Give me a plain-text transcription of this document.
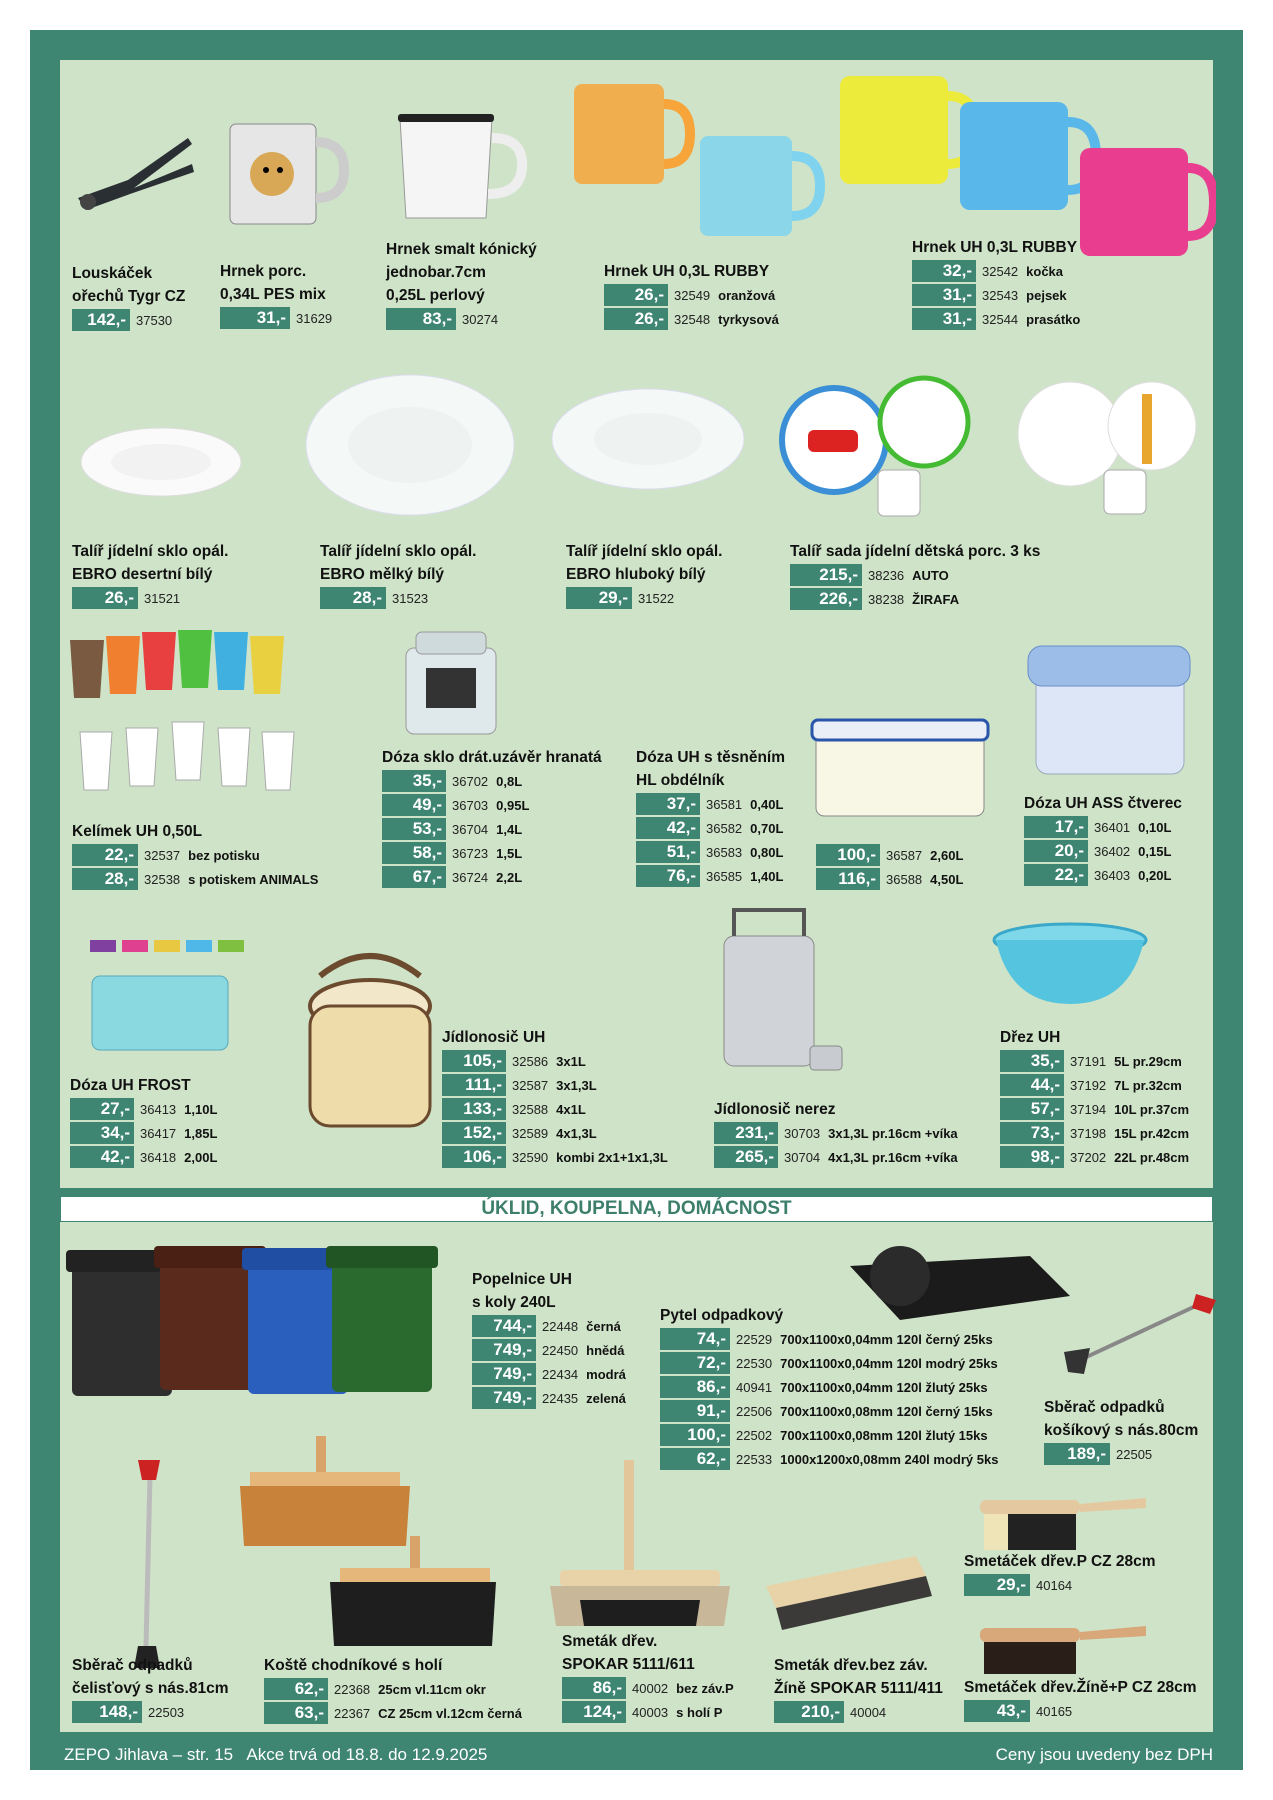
ÚKLID, KOUPELNA, DOMÁCNOST
Louskáček
ořechů Tygr CZ
142,- 37530
Hrnek porc.
0,34L PES mix
31,- 31629
Hrnek smalt kónický
jednobar.7cm
0,25L perlový
83,- 30274
Hrnek UH 0,3L RUBBY
26,- 32549 oranžová
26,- 32548 tyrkysová
Hrnek UH 0,3L RUBBY
32,- 32542 kočka
31,- 32543 pejsek
31,- 32544 prasátko
Talíř jídelní sklo opál.
EBRO desertní bílý
26,- 31521
Talíř jídelní sklo opál.
EBRO mělký bílý
28,- 31523
Talíř jídelní sklo opál.
EBRO hluboký bílý
29,- 31522
Talíř sada jídelní dětská porc. 3 ks
215,- 38236 AUTO
226,- 38238 ŽIRAFA
Kelímek UH 0,50L
22,- 32537 bez potisku
28,- 32538 s potiskem ANIMALS
Dóza sklo drát.uzávěr hranatá
35,- 36702 0,8L
49,- 36703 0,95L
53,- 36704 1,4L
58,- 36723 1,5L
67,- 36724 2,2L
Dóza UH s těsněním
HL obdélník
37,- 36581 0,40L
42,- 36582 0,70L
51,- 36583 0,80L
76,- 36585 1,40L
100,- 36587 2,60L
116,- 36588 4,50L
Dóza UH ASS čtverec
17,- 36401 0,10L
20,- 36402 0,15L
22,- 36403 0,20L
Dóza UH FROST
27,- 36413 1,10L
34,- 36417 1,85L
42,- 36418 2,00L
Jídlonosič UH
105,- 32586 3x1L
111,- 32587 3x1,3L
133,- 32588 4x1L
152,- 32589 4x1,3L
106,- 32590 kombi 2x1+1x1,3L
Jídlonosič nerez
231,- 30703 3x1,3L pr.16cm +víka
265,- 30704 4x1,3L pr.16cm +víka
Dřez UH
35,- 37191 5L pr.29cm
44,- 37192 7L pr.32cm
57,- 37194 10L pr.37cm
73,- 37198 15L pr.42cm
98,- 37202 22L pr.48cm
Popelnice UH
s koly 240L
744,- 22448 černá
749,- 22450 hnědá
749,- 22434 modrá
749,- 22435 zelená
Pytel odpadkový
74,- 22529 700x1100x0,04mm 120l černý 25ks
72,- 22530 700x1100x0,04mm 120l modrý 25ks
86,- 40941 700x1100x0,04mm 120l žlutý 25ks
91,- 22506 700x1100x0,08mm 120l černý 15ks
100,- 22502 700x1100x0,08mm 120l žlutý 15ks
62,- 22533 1000x1200x0,08mm 240l modrý 5ks
Sběrač odpadků
košíkový s nás.80cm
189,- 22505
Sběrač odpadků
čelisťový s nás.81cm
148,- 22503
Koště chodníkové s holí
62,- 22368 25cm vl.11cm okr
63,- 22367 CZ 25cm vl.12cm černá
Smeták dřev.
SPOKAR 5111/611
86,- 40002 bez záv.P
124,- 40003 s holí P
Smeták dřev.bez záv.
Žíně SPOKAR 5111/411
210,- 40004
Smetáček dřev.P CZ 28cm
29,- 40164
Smetáček dřev.Žíně+P CZ 28cm
43,- 40165
ZEPO Jihlava – str. 15   Akce trvá od 18.8. do 12.9.2025	Ceny jsou uvedeny bez DPH
